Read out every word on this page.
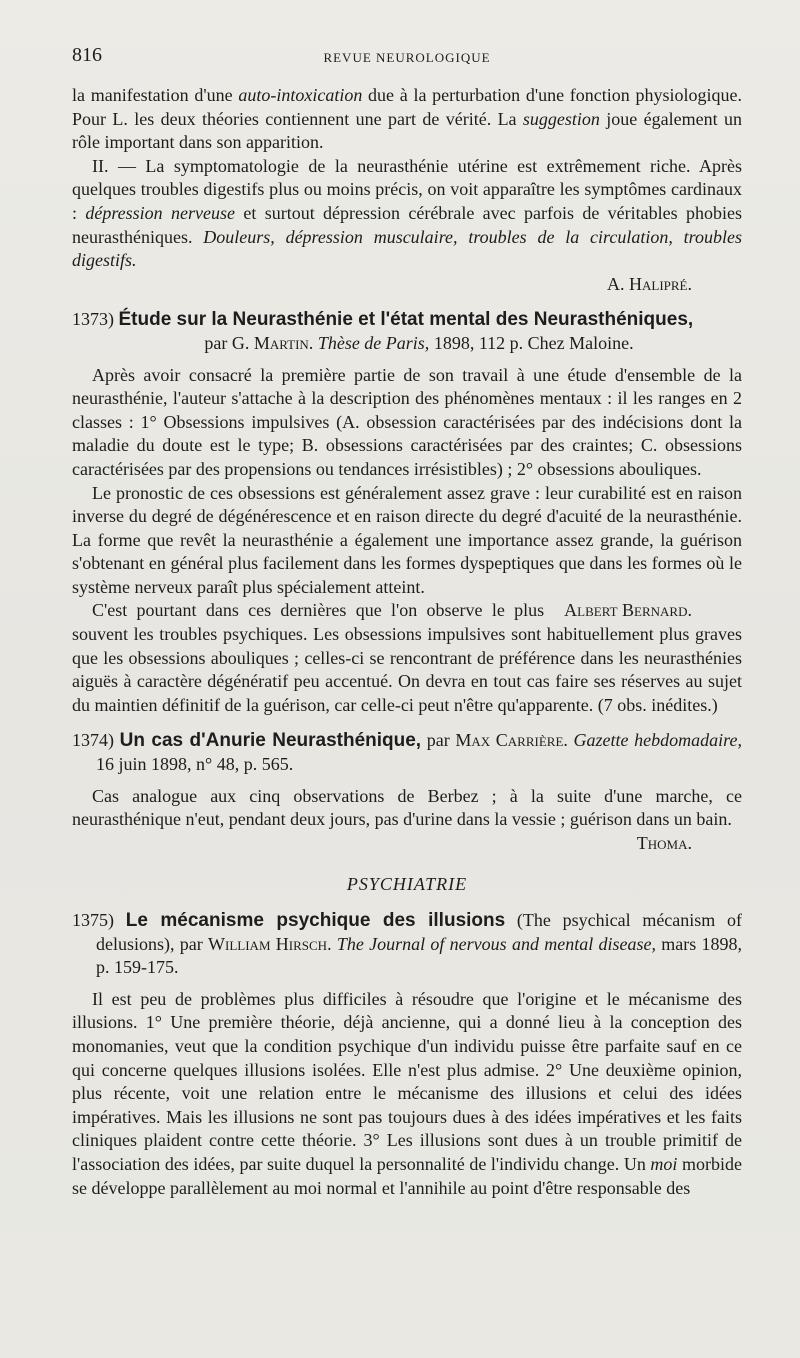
816	REVUE NEUROLOGIQUE

la manifestation d'une auto-intoxication due à la perturbation d'une fonction physiologique. Pour L. les deux théories contiennent une part de vérité. La suggestion joue également un rôle important dans son apparition.

II. — La symptomatologie de la neurasthénie utérine est extrêmement riche. Après quelques troubles digestifs plus ou moins précis, on voit apparaître les symptômes cardinaux : dépression nerveuse et surtout dépression cérébrale avec parfois de véritables phobies neurasthéniques. Douleurs, dépression musculaire, troubles de la circulation, troubles digestifs.

A. Halipré.

1373) Étude sur la Neurasthénie et l'état mental des Neurasthéniques,
par G. Martin. Thèse de Paris, 1898, 112 p. Chez Maloine.

Après avoir consacré la première partie de son travail à une étude d'ensemble de la neurasthénie, l'auteur s'attache à la description des phénomènes mentaux : il les ranges en 2 classes : 1° Obsessions impulsives (A. obsession caractérisées par des indécisions dont la maladie du doute est le type; B. obsessions caractérisées par des craintes; C. obsessions caractérisées par des propensions ou tendances irrésistibles) ; 2° obsessions abouliques.

Le pronostic de ces obsessions est généralement assez grave : leur curabilité est en raison inverse du degré de dégénérescence et en raison directe du degré d'acuité de la neurasthénie. La forme que revêt la neurasthénie a également une importance assez grande, la guérison s'obtenant en général plus facilement dans les formes dyspeptiques que dans les formes où le système nerveux paraît plus spécialement atteint.

Albert Bernard.
C'est pourtant dans ces dernières que l'on observe le plus souvent les troubles psychiques. Les obsessions impulsives sont habituellement plus graves que les obsessions abouliques ; celles-ci se rencontrant de préférence dans les neurasthénies aiguës à caractère dégénératif peu accentué. On devra en tout cas faire ses réserves au sujet du maintien définitif de la guérison, car celle-ci peut n'être qu'apparente. (7 obs. inédites.)

1374) Un cas d'Anurie Neurasthénique, par Max Carrière. Gazette hebdomadaire, 16 juin 1898, n° 48, p. 565.

Cas analogue aux cinq observations de Berbez ; à la suite d'une marche, ce neurasthénique n'eut, pendant deux jours, pas d'urine dans la vessie ; guérison dans un bain.

Thoma.

PSYCHIATRIE
1375) Le mécanisme psychique des illusions (The psychical mécanism of delusions), par William Hirsch. The Journal of nervous and mental disease, mars 1898, p. 159-175.

Il est peu de problèmes plus difficiles à résoudre que l'origine et le mécanisme des illusions. 1° Une première théorie, déjà ancienne, qui a donné lieu à la conception des monomanies, veut que la condition psychique d'un individu puisse être parfaite sauf en ce qui concerne quelques illusions isolées. Elle n'est plus admise. 2° Une deuxième opinion, plus récente, voit une relation entre le mécanisme des illusions et celui des idées impératives. Mais les illusions ne sont pas toujours dues à des idées impératives et les faits cliniques plaident contre cette théorie. 3° Les illusions sont dues à un trouble primitif de l'association des idées, par suite duquel la personnalité de l'individu change. Un moi morbide se développe parallèlement au moi normal et l'annihile au point d'être responsable des
